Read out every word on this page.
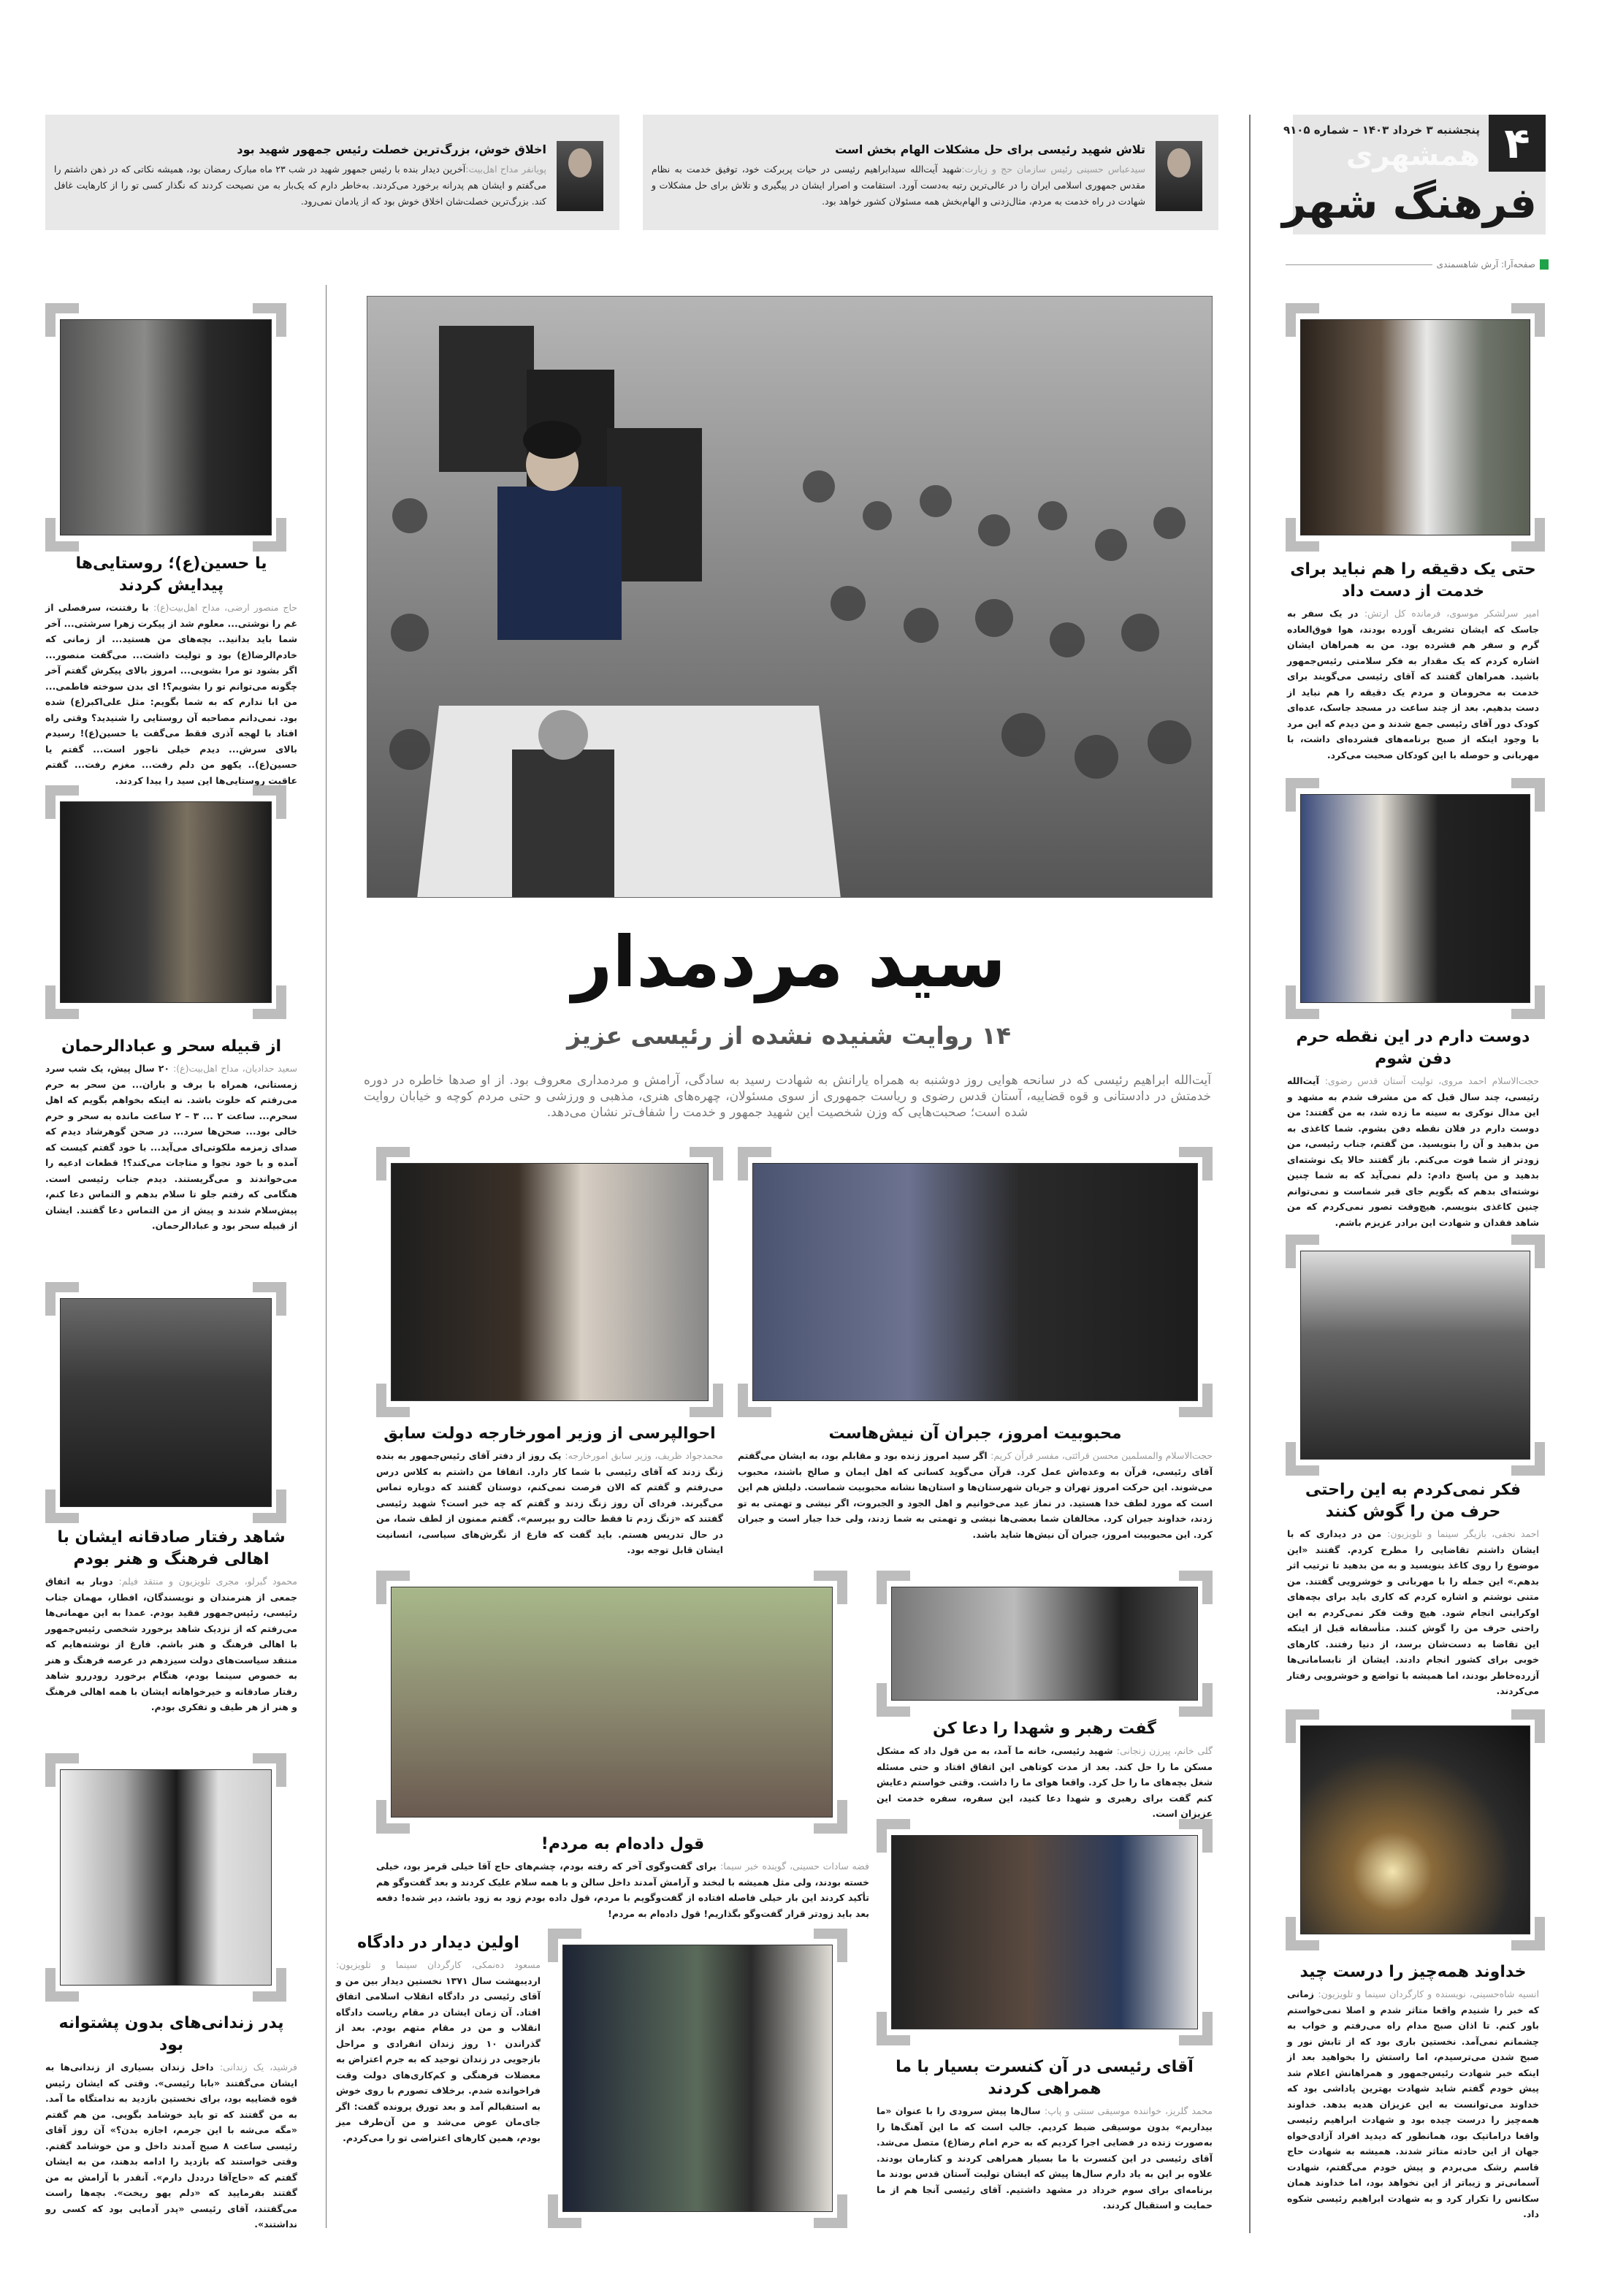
۴
پنجشنبه ۳ خرداد ۱۴۰۳ – شماره ۹۱۰۵
همشهری
فرهنگ شهر
صفحه‌آرا: آرش شاهسمندی
تلاش شهید رئیسی برای حل مشکلات الهام بخش است
سیدعباس حسینی رئیس سازمان حج و زیارت:شهید آیت‌الله سیدابراهیم رئیسی در حیات پربرکت خود، توفیق خدمت به نظام مقدس جمهوری اسلامی ایران را در عالی‌ترین رتبه به‌دست آورد. استقامت و اصرار ایشان در پیگیری و تلاش برای حل مشکلات و شهادت در راه خدمت به مردم، مثال‌زدنی و الهام‌بخش همه مسئولان کشور خواهد بود.
اخلاق خوش، بزرگ‌ترین خصلت رئیس جمهور شهید بود
پویانفر مداح اهل‌بیت:آخرین دیدار بنده با رئیس جمهور شهید در شب ۲۳ ماه مبارک رمضان بود، همیشه نکاتی که در ذهن داشتم را می‌گفتم و ایشان هم پدرانه برخورد می‌کردند. به‌خاطر دارم که یک‌بار به من نصیحت کردند که نگذار کسی تو را از کارهایت غافل کند. بزرگ‌ترین خصلت‌شان اخلاق خوش بود که از یادمان نمی‌رود.
سید مردمدار
۱۴ روایت شنیده نشده از رئیسی عزیز
آیت‌الله ابراهیم رئیسی که در سانحه هوایی روز دوشنبه به همراه یارانش به شهادت رسید به سادگی، آرامش و مردمداری معروف بود. از او صدها خاطره در دوره خدمتش در دادستانی و قوه قضاییه، آستان قدس رضوی و ریاست جمهوری از سوی مسئولان، چهره‌های هنری، مذهبی و ورزشی و حتی مردم کوچه و خیابان روایت شده است؛ صحبت‌هایی که وزن شخصیت این شهید جمهور و خدمت را شفاف‌تر نشان می‌دهد.
محبوبیت امروز، جبران آن نیش‌هاست
حجت‌الاسلام والمسلمین محسن قرائتی، مفسر قرآن کریم: اگر سید امروز زنده بود و مقابلم بود، به ایشان می‌گفتم آقای رئیسی، قرآن به وعده‌اش عمل کرد. قرآن می‌گوید کسانی که اهل ایمان و صالح باشند، محبوب می‌شوند. این حرکت امروز تهران و جریان شهرستان‌ها و استان‌ها نشانه محبوبیت شماست. دلیلش هم این است که مورد لطف خدا هستید. در نماز عید می‌خوانیم و اهل الجود و الجبروت، اگر نیشی و تهمتی به تو زدند، خداوند جبران کرد. مخالفان شما بعضی‌ها نیشی و تهمتی به شما زدند، ولی خدا جبار است و جبران کرد. این محبوبیت امروز، جبران آن نیش‌ها شاید باشد.
احوالپرسی از وزیر امورخارجه دولت سابق
محمدجواد ظریف، وزیر سابق امورخارجه: یک روز از دفتر آقای رئیس‌جمهور به بنده زنگ زدند که آقای رئیسی با شما کار دارد. اتفاقا من داشتم به کلاس درس می‌رفتم و گفتم که الان فرصت نمی‌کنم، دوستان گفتند که دوباره تماس می‌گیرند. فردای آن روز زنگ زدند و گفتم که چه خبر است؟ شهید رئیسی گفتند که «زنگ زدم تا فقط حالت رو بپرسم». گفتم ممنون از لطف شما، من در حال تدریس هستم. باید گفت که فارغ از نگرش‌های سیاسی، انسانیت ایشان قابل توجه بود.
گفت رهبر و شهدا را دعا کن
گلی خانم، پیرزن زنجانی: شهید رئیسی، خانه ما آمد، به من قول داد که مشکل مسکن ما را حل کند. بعد از مدت کوتاهی این اتفاق افتاد و حتی مسئله شغل بچه‌های ما را حل کرد. واقعا هوای ما را داشت. وقتی خواستم دعایش کنم گفت برای رهبری و شهدا دعا کنید، این سفره، سفره خدمت این عزیزان است.
قول داده‌ام به مردم!
فضه سادات حسینی، گوینده خبر سیما: برای گفت‌وگوی آخر که رفته بودم، چشم‌های حاج آقا خیلی قرمز بود، خیلی خسته بودند، ولی مثل همیشه با لبخند و آرامش آمدند داخل سالن و با همه سلام علیک کردند و بعد گفت‌وگو هم تأکید کردند این بار خیلی فاصله افتاده از گفت‌وگویم با مردم، قول داده بودم زود به زود باشد، دیر شده! دفعه بعد باید زودتر قرار گفت‌وگو بگذاریم! قول داده‌ام به مردم!
اولین دیدار در دادگاه
مسعود ده‌نمکی، کارگردان سینما و تلویزیون: اردیبهشت سال ۱۳۷۱ نخستین دیدار بین من و آقای رئیسی در دادگاه انقلاب اسلامی اتفاق افتاد. آن زمان ایشان در مقام ریاست دادگاه انقلاب و من در مقام متهم بودم. بعد از گذراندن ۱۰ روز زندان انفرادی و مراحل بازجویی در زندان توحید که به جرم اعتراض به معضلات فرهنگی و کم‌کاری‌های دولت وقت فراخوانده شدم. برخلاف تصورم با روی خوش به استقبالم آمد و بعد تورق پرونده گفت: اگر جای‌مان عوض می‌شد و من آن‌طرف میز بودم، همین کارهای اعتراضی تو را می‌کردم.
آقای رئیسی در آن کنسرت بسیار با ما همراهی کردند
محمد گلریز، خواننده موسیقی سنتی و پاپ: سال‌ها پیش سرودی را با عنوان «ما بیداریم» بدون موسیقی ضبط کردیم. جالب است که ما این آهنگ‌ها را به‌صورت زنده در فضایی اجرا کردیم که به حرم امام رضا(ع) متصل می‌شد. آقای رئیسی در این کنسرت با ما بسیار همراهی کردند و کنارمان بودند. علاوه بر این به یاد دارم سال‌ها پیش که ایشان تولیت آستان قدس بودند ما برنامه‌ای برای سوم خرداد در مشهد داشتیم. آقای رئیسی آنجا هم از ما حمایت و استقبال کردند.
حتی یک دقیقه را هم نباید برای خدمت از دست داد
امیر سرلشکر موسوی، فرمانده کل ارتش: در یک سفر به جاسک که ایشان تشریف آورده بودند، هوا فوق‌العاده گرم و سفر هم فشرده بود. من به همراهان ایشان اشاره کردم که یک مقدار به فکر سلامتی رئیس‌جمهور باشید. همراهان گفتند که آقای رئیسی می‌گویند برای خدمت به محرومان و مردم یک دقیقه را هم نباید از دست بدهیم. بعد از چند ساعت در مسجد جاسک، عده‌ای کودک دور آقای رئیسی جمع شدند و من دیدم که این مرد با وجود اینکه از صبح برنامه‌های فشرده‌ای داشت، با مهربانی و حوصله با این کودکان صحبت می‌کرد.
دوست دارم در این نقطه حرم دفن شوم
حجت‌الاسلام احمد مروی، تولیت آستان قدس رضوی: آیت‌الله رئیسی، چند سال قبل که من مشرف شدم به مشهد و این مدال نوکری به سینه ما زده شد، به من گفتند: من دوست دارم در فلان نقطه دفن بشوم. شما کاغذی به من بدهید و آن را بنویسید. من گفتم، جناب رئیسی، من زودتر از شما فوت می‌کنم. باز گفتند حالا یک نوشته‌ای بدهید و من پاسخ دادم: دلم نمی‌آید که به شما چنین نوشته‌ای بدهم که بگویم جای قبر شماست و نمی‌توانم چنین کاغذی بنویسم. هیچ‌وقت تصور نمی‌کردم که من شاهد فقدان و شهادت این برادر عزیزم باشم.
فکر نمی‌کردم به این راحتی حرف من را گوش کنند
احمد نجفی، بازیگر سینما و تلویزیون: من در دیداری که با ایشان داشتم تقاضایی را مطرح کردم. گفتند «این موضوع را روی کاغذ بنویسید و به من بدهید تا ترتیب اثر بدهم.» این جمله را با مهربانی و خوشرویی گفتند. من متنی نوشتم و اشاره کردم که کاری باید برای بچه‌های اوکراینی انجام شود. هیچ وقت فکر نمی‌کردم به این راحتی حرف من را گوش کنند. متأسفانه قبل از اینکه این تقاضا به دست‌شان برسد، از دنیا رفتند. کارهای خوبی برای کشور انجام دادند. ایشان از نابسامانی‌ها آزرده‌خاطر بودند، اما همیشه با تواضع و خوشرویی رفتار می‌کردند.
خداوند همه‌چیز را درست چید
انسیه شاه‌حسینی، نویسنده و کارگردان سینما و تلویزیون: زمانی که خبر را شنیدم واقعا متاثر شدم و اصلا نمی‌خواستم باور کنم. تا اذان صبح مدام راه می‌رفتم و خواب به چشمانم نمی‌آمد. نخستین باری بود که از تابش نور و صبح شدن می‌ترسیدم، اما راستش را بخواهید بعد از اینکه خبر شهادت رئیس‌جمهور و همراهانش اعلام شد پیش خودم گفتم شاید شهادت بهترین پاداشی بود که خداوند می‌توانست به این عزیزان هدیه بدهد. خداوند همه‌چیز را درست چیده بود و شهادت ابراهیم رئیسی واقعا دراماتیک بود، همانطور که دیدید افراد آزادی‌خواه جهان از این حادثه متاثر شدند. همیشه به شهادت حاج قاسم رشک می‌بردم و پیش خودم می‌گفتم، شهادت آسمانی‌تر و زیباتر از این نخواهد بود، اما خداوند همان سکانس را تکرار کرد و به شهادت ابراهیم رئیسی شکوه داد.
یا حسین(ع)؛ روستایی‌ها پیدایش کردند
حاج منصور ارضی، مداح اهل‌بیت(ع): با رفتنت، سرفصلی از غم را نوشتی... معلوم شد از پیکرت زهرا سرشتی... آخر شما باید بدانید.. بچه‌های من هستید... از زمانی که خادم‌الرضا(ع) بود و تولیت داشت... می‌گفت منصور... اگر بشود تو مرا بشویی... امروز بالای پیکرش گفتم آخر چگونه می‌توانم تو را بشویم؟! ای بدن سوخته فاطمی... من ابا ندارم که به شما بگویم: مثل علی‌اکبر(ع) شده بود. نمی‌دانم مصاحبه آن روستایی را شنیدید؟ وقتی راه افتاد با لهجه آذری فقط می‌گفت یا حسین(ع)! رسیدم بالای سرش... دیدم خیلی ناجور است... گفتم یا حسین(ع).. یکهو من دلم رفت... مغزم رفت... گفتم عاقبت روستایی‌ها این سید را پیدا کردند.
از قبیله سحر و عبادالرحمان
سعید حدادیان، مداح اهل‌بیت(ع): ۲۰ سال پیش، یک شب سرد زمستانی، همراه با برف و باران... من سحر به حرم می‌رفتم که خلوت باشد. نه اینکه بخواهم بگویم که اهل سحرم... ساعت ۲ ... ۳ – ۲ ساعت مانده به سحر و حرم خالی بود... صحن‌ها سرد... در صحن گوهرشاد دیدم که صدای زمزمه ملکوتی‌ای می‌آید... با خود گفتم کیست که آمده و با خود نجوا و مناجات می‌کند؟! قطعات ادعیه را می‌خواندند و می‌گریستند. دیدم جناب رئیسی است. هنگامی که رفتم جلو تا سلام بدهم و التماس دعا کنم، پیش‌سلام شدند و پیش از من التماس دعا گفتند. ایشان از قبیله سحر بود و عبادالرحمان.
شاهد رفتار صادقانه ایشان با اهالی فرهنگ و هنر بودم
محمود گبرلو، مجری تلویزیون و منتقد فیلم: دوبار به اتفاق جمعی از هنرمندان و نویسندگان، افطار، مهمان جناب رئیسی، رئیس‌جمهور فقید بودم. عمدا به این مهمانی‌ها می‌رفتم که از نزدیک شاهد برخورد شخصی رئیس‌جمهور با اهالی فرهنگ و هنر باشم. فارغ از نوشته‌هایم که منتقد سیاست‌های دولت سیزدهم در عرصه فرهنگ و هنر به خصوص سینما بودم، هنگام برخورد رودررو شاهد رفتار صادقانه و خیرخواهانه ایشان با همه اهالی فرهنگ و هنر از هر طیف و تفکری بودم.
پدر زندانی‌های بدون پشتوانه بود
فرشید، یک زندانی: داخل زندان بسیاری از زندانی‌ها به ایشان می‌گفتند «بابا رئیسی». وقتی که ایشان رئیس قوه قضاییه بود، برای نخستین بازدید به ندامتگاه ما آمد. به من گفتند که تو باید خوشامد بگویی. من هم گفتم «مگه می‌شه با این جرمم، اجازه بدن؟» آن روز آقای رئیسی ساعت ۸ صبح آمدند داخل و من خوشامد گفتم. وقتی خواستند که بازدید را ادامه بدهند، من به ایشان گفتم که «حاج‌آقا درددل دارم». آنقدر با آرامش به من گفتند بفرمایید که «دلم یهو ریخت». بچه‌ها راست می‌گفتند، آقای رئیسی «پدر آدمایی بود که کسی رو نداشتند».
